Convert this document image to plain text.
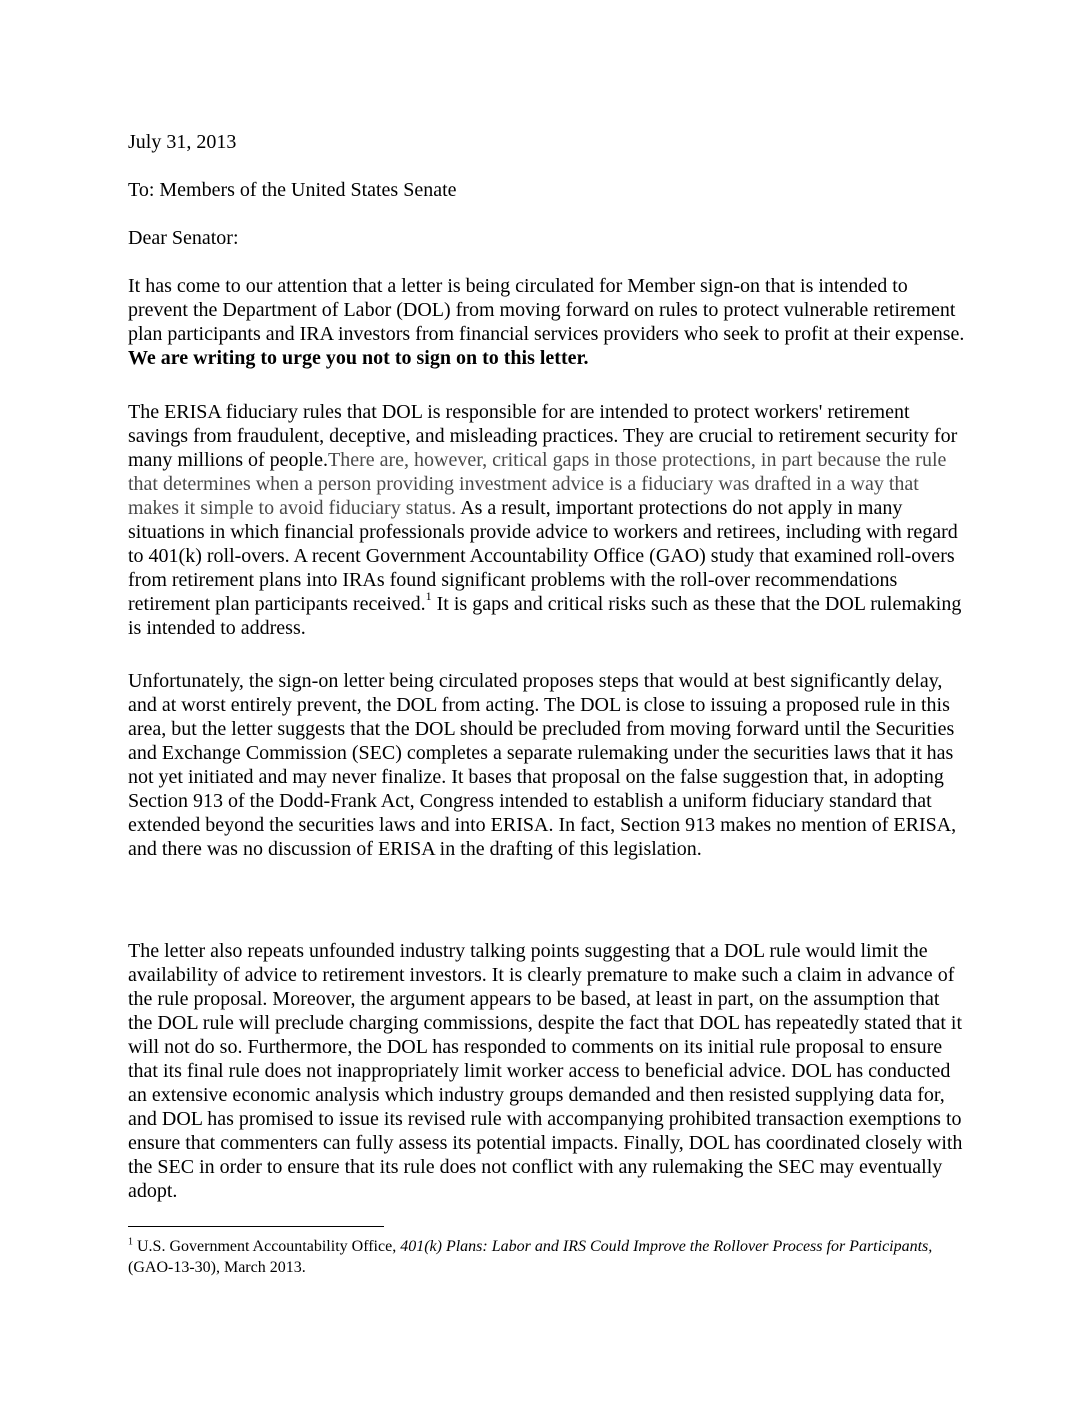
July 31, 2013

To: Members of the United States Senate

Dear Senator:

It has come to our attention that a letter is being circulated for Member sign-on that is intended to prevent the Department of Labor (DOL) from moving forward on rules to protect vulnerable retirement plan participants and IRA investors from financial services providers who seek to profit at their expense. We are writing to urge you not to sign on to this letter.

The ERISA fiduciary rules that DOL is responsible for are intended to protect workers' retirement savings from fraudulent, deceptive, and misleading practices. They are crucial to retirement security for many millions of people.There are, however, critical gaps in those protections, in part because the rule that determines when a person providing investment advice is a fiduciary was drafted in a way that makes it simple to avoid fiduciary status. As a result, important protections do not apply in many situations in which financial professionals provide advice to workers and retirees, including with regard to 401(k) roll-overs. A recent Government Accountability Office (GAO) study that examined roll-overs from retirement plans into IRAs found significant problems with the roll-over recommendations retirement plan participants received.$^1$ It is gaps and critical risks such as these that the DOL rulemaking is intended to address.

Unfortunately, the sign-on letter being circulated proposes steps that would at best significantly delay, and at worst entirely prevent, the DOL from acting. The DOL is close to issuing a proposed rule in this area, but the letter suggests that the DOL should be precluded from moving forward until the Securities and Exchange Commission (SEC) completes a separate rulemaking under the securities laws that it has not yet initiated and may never finalize. It bases that proposal on the false suggestion that, in adopting Section 913 of the Dodd-Frank Act, Congress intended to establish a uniform fiduciary standard that extended beyond the securities laws and into ERISA. In fact, Section 913 makes no mention of ERISA, and there was no discussion of ERISA in the drafting of this legislation.

The letter also repeats unfounded industry talking points suggesting that a DOL rule would limit the availability of advice to retirement investors. It is clearly premature to make such a claim in advance of the rule proposal. Moreover, the argument appears to be based, at least in part, on the assumption that the DOL rule will preclude charging commissions, despite the fact that DOL has repeatedly stated that it will not do so. Furthermore, the DOL has responded to comments on its initial rule proposal to ensure that its final rule does not inappropriately limit worker access to beneficial advice. DOL has conducted an extensive economic analysis which industry groups demanded and then resisted supplying data for, and DOL has promised to issue its revised rule with accompanying prohibited transaction exemptions to ensure that commenters can fully assess its potential impacts. Finally, DOL has coordinated closely with the SEC in order to ensure that its rule does not conflict with any rulemaking the SEC may eventually adopt.

$^1$ U.S. Government Accountability Office, 401(k) Plans: Labor and IRS Could Improve the Rollover Process for Participants, (GAO-13-30), March 2013.
